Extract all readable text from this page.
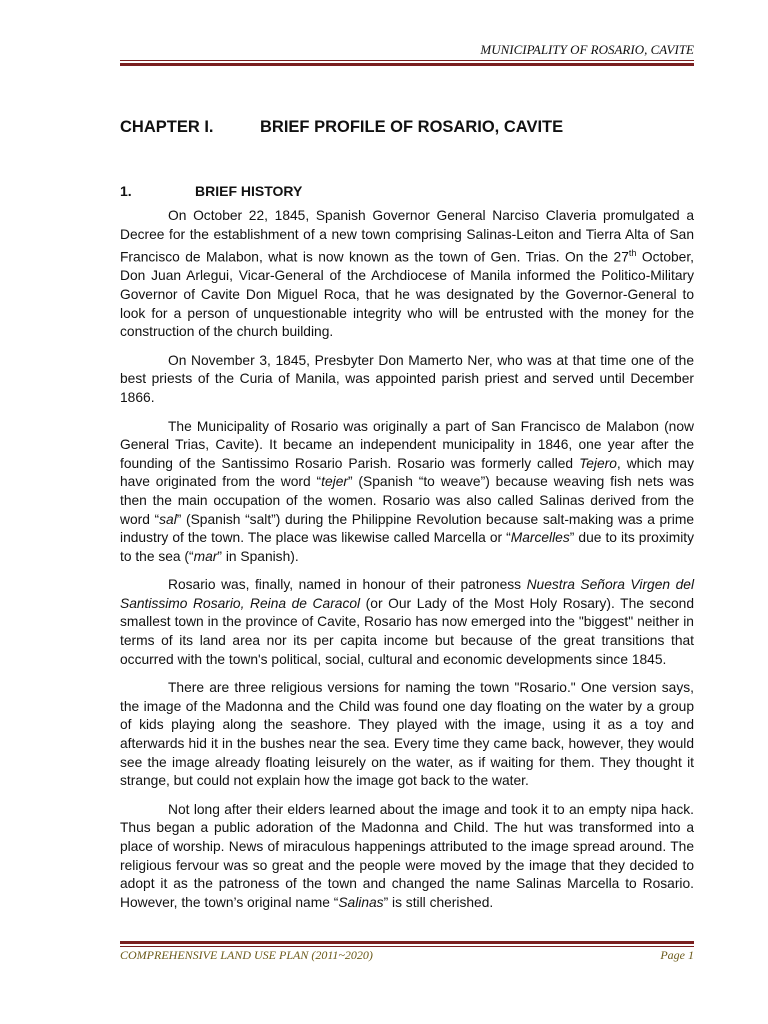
MUNICIPALITY OF ROSARIO, CAVITE
CHAPTER I.	BRIEF PROFILE OF ROSARIO, CAVITE
1.	BRIEF HISTORY

On October 22, 1845, Spanish Governor General Narciso Claveria promulgated a Decree for the establishment of a new town comprising Salinas-Leiton and Tierra Alta of San Francisco de Malabon, what is now known as the town of Gen. Trias. On the 27th October, Don Juan Arlegui, Vicar-General of the Archdiocese of Manila informed the Politico-Military Governor of Cavite Don Miguel Roca, that he was designated by the Governor-General to look for a person of unquestionable integrity who will be entrusted with the money for the construction of the church building.

On November 3, 1845, Presbyter Don Mamerto Ner, who was at that time one of the best priests of the Curia of Manila, was appointed parish priest and served until December 1866.

The Municipality of Rosario was originally a part of San Francisco de Malabon (now General Trias, Cavite). It became an independent municipality in 1846, one year after the founding of the Santissimo Rosario Parish. Rosario was formerly called Tejero, which may have originated from the word “tejer” (Spanish “to weave”) because weaving fish nets was then the main occupation of the women. Rosario was also called Salinas derived from the word “sal” (Spanish “salt”) during the Philippine Revolution because salt-making was a prime industry of the town. The place was likewise called Marcella or “Marcelles” due to its proximity to the sea (“mar” in Spanish).

Rosario was, finally, named in honour of their patroness Nuestra Señora Virgen del Santissimo Rosario, Reina de Caracol (or Our Lady of the Most Holy Rosary). The second smallest town in the province of Cavite, Rosario has now emerged into the "biggest" neither in terms of its land area nor its per capita income but because of the great transitions that occurred with the town's political, social, cultural and economic developments since 1845.

There are three religious versions for naming the town "Rosario." One version says, the image of the Madonna and the Child was found one day floating on the water by a group of kids playing along the seashore. They played with the image, using it as a toy and afterwards hid it in the bushes near the sea. Every time they came back, however, they would see the image already floating leisurely on the water, as if waiting for them. They thought it strange, but could not explain how the image got back to the water.

Not long after their elders learned about the image and took it to an empty nipa hack. Thus began a public adoration of the Madonna and Child. The hut was transformed into a place of worship. News of miraculous happenings attributed to the image spread around. The religious fervour was so great and the people were moved by the image that they decided to adopt it as the patroness of the town and changed the name Salinas Marcella to Rosario. However, the town’s original name “Salinas” is still cherished.

COMPREHENSIVE LAND USE PLAN (2011~2020)	Page 1
